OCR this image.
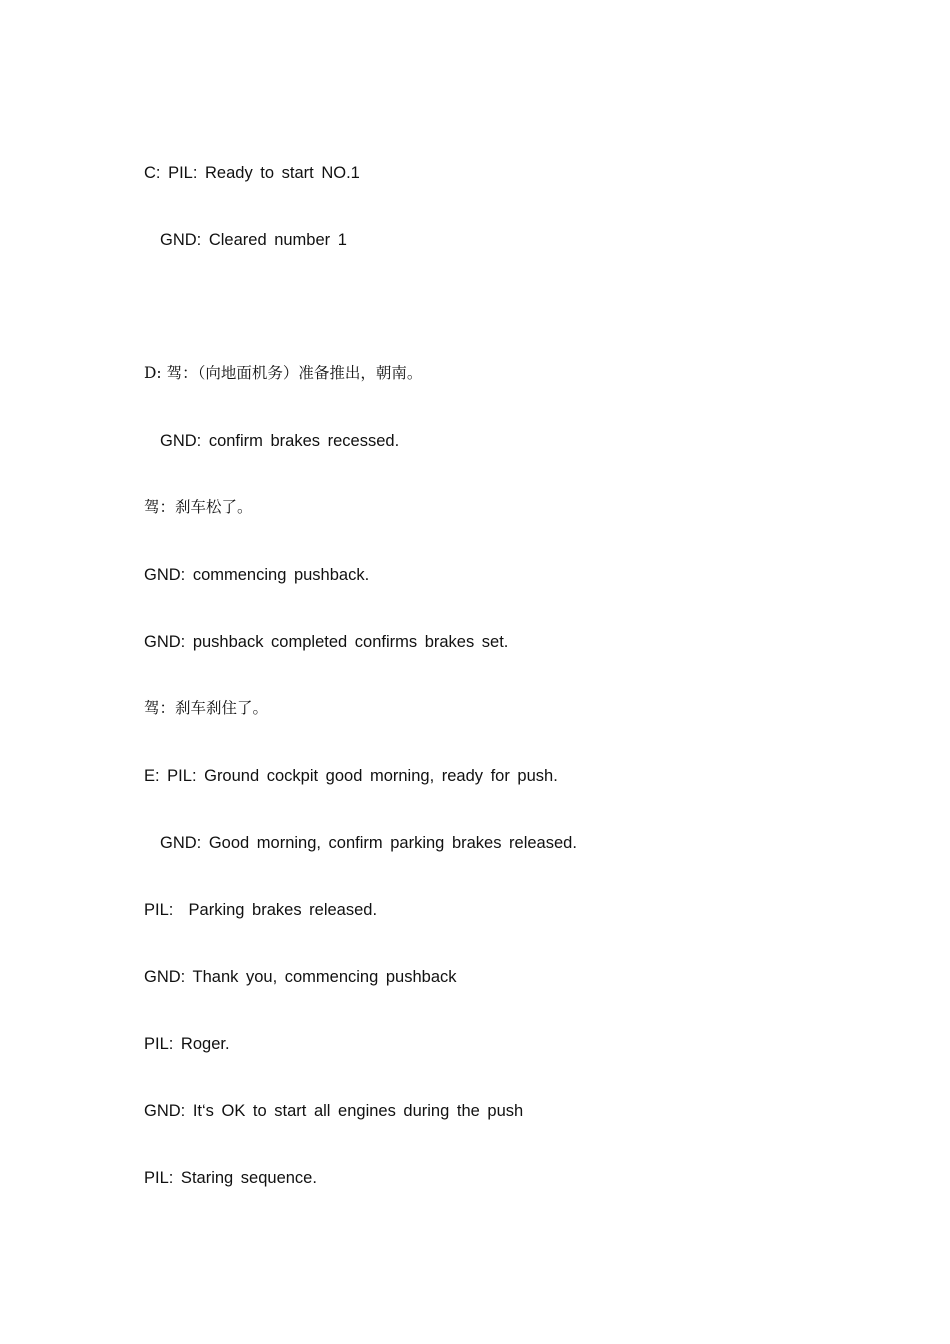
C: PIL: Ready to start NO.1
GND: Cleared number 1
D: 驾：（向地面机务）准备推出，朝南。
GND: confirm brakes recessed.
驾：刹车松了。
GND: commencing pushback.
GND: pushback completed confirms brakes set.
驾：刹车刹住了。
E: PIL: Ground cockpit good morning, ready for push.
GND: Good morning, confirm parking brakes released.
PIL:  Parking brakes released.
GND: Thank you, commencing pushback
PIL: Roger.
GND: It‘s OK to start all engines during the push
PIL: Staring sequence.
